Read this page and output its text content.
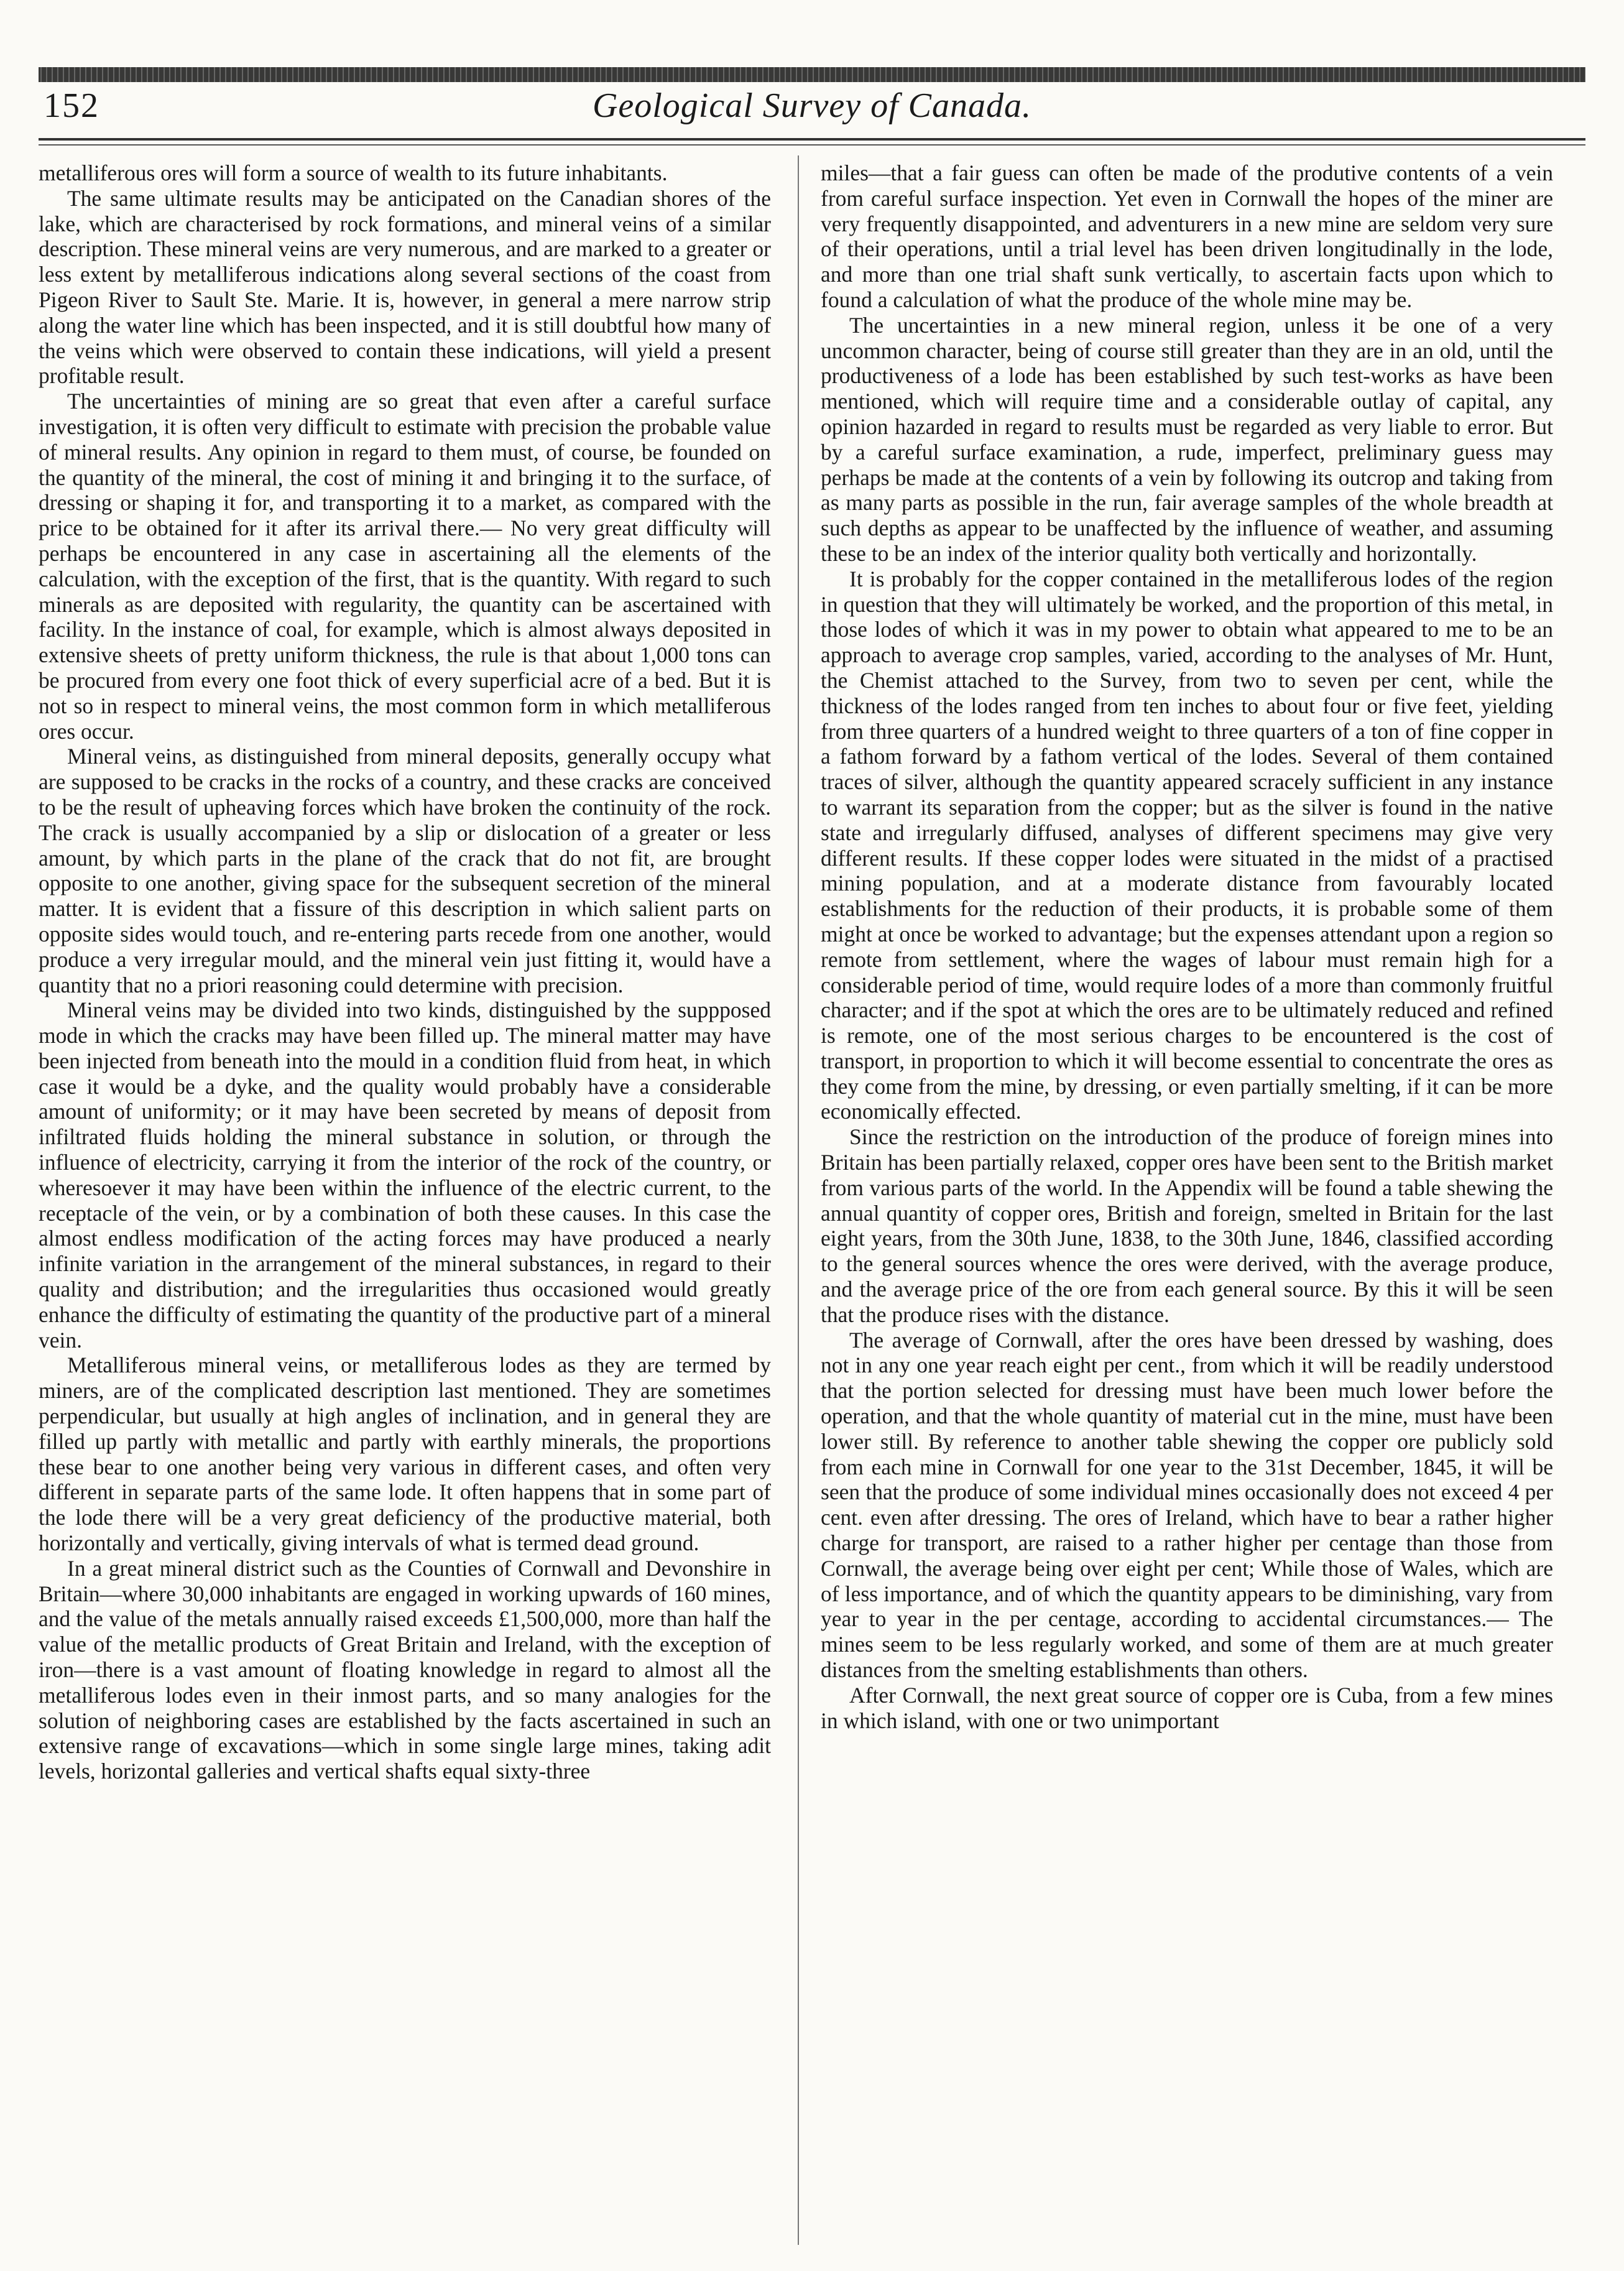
152	Geological Survey of Canada.

metalliferous ores will form a source of wealth to its future inhabitants.

The same ultimate results may be anticipated on the Canadian shores of the lake, which are characterised by rock formations, and mineral veins of a similar description. These mineral veins are very numerous, and are marked to a greater or less extent by metalliferous indications along several sections of the coast from Pigeon River to Sault Ste. Marie. It is, however, in general a mere narrow strip along the water line which has been inspected, and it is still doubtful how many of the veins which were observed to contain these indications, will yield a present profitable result.

The uncertainties of mining are so great that even after a careful surface investigation, it is often very difficult to estimate with precision the probable value of mineral results. Any opinion in regard to them must, of course, be founded on the quantity of the mineral, the cost of mining it and bringing it to the surface, of dressing or shaping it for, and transporting it to a market, as compared with the price to be obtained for it after its arrival there.— No very great difficulty will perhaps be encountered in any case in ascertaining all the elements of the calculation, with the exception of the first, that is the quantity. With regard to such minerals as are deposited with regularity, the quantity can be ascertained with facility. In the instance of coal, for example, which is almost always deposited in extensive sheets of pretty uniform thickness, the rule is that about 1,000 tons can be procured from every one foot thick of every superficial acre of a bed. But it is not so in respect to mineral veins, the most common form in which metalliferous ores occur.

Mineral veins, as distinguished from mineral deposits, generally occupy what are supposed to be cracks in the rocks of a country, and these cracks are conceived to be the result of upheaving forces which have broken the continuity of the rock. The crack is usually accompanied by a slip or dislocation of a greater or less amount, by which parts in the plane of the crack that do not fit, are brought opposite to one another, giving space for the subsequent secretion of the mineral matter. It is evident that a fissure of this description in which salient parts on opposite sides would touch, and re-entering parts recede from one another, would produce a very irregular mould, and the mineral vein just fitting it, would have a quantity that no a priori reasoning could determine with precision.

Mineral veins may be divided into two kinds, distinguished by the suppposed mode in which the cracks may have been filled up. The mineral matter may have been injected from beneath into the mould in a condition fluid from heat, in which case it would be a dyke, and the quality would probably have a considerable amount of uniformity; or it may have been secreted by means of deposit from infiltrated fluids holding the mineral substance in solution, or through the influence of electricity, carrying it from the interior of the rock of the country, or wheresoever it may have been within the influence of the electric current, to the receptacle of the vein, or by a combination of both these causes. In this case the almost endless modification of the acting forces may have produced a nearly infinite variation in the arrangement of the mineral substances, in regard to their quality and distribution; and the irregularities thus occasioned would greatly enhance the difficulty of estimating the quantity of the productive part of a mineral vein.

Metalliferous mineral veins, or metalliferous lodes as they are termed by miners, are of the complicated description last mentioned. They are sometimes perpendicular, but usually at high angles of inclination, and in general they are filled up partly with metallic and partly with earthly minerals, the proportions these bear to one another being very various in different cases, and often very different in separate parts of the same lode. It often happens that in some part of the lode there will be a very great deficiency of the productive material, both horizontally and vertically, giving intervals of what is termed dead ground.

In a great mineral district such as the Counties of Cornwall and Devonshire in Britain—where 30,000 inhabitants are engaged in working upwards of 160 mines, and the value of the metals annually raised exceeds £1,500,000, more than half the value of the metallic products of Great Britain and Ireland, with the exception of iron—there is a vast amount of floating knowledge in regard to almost all the metalliferous lodes even in their inmost parts, and so many analogies for the solution of neighboring cases are established by the facts ascertained in such an extensive range of excavations—which in some single large mines, taking adit levels, horizontal galleries and vertical shafts equal sixty-three

miles—that a fair guess can often be made of the produtive contents of a vein from careful surface inspection. Yet even in Cornwall the hopes of the miner are very frequently disappointed, and adventurers in a new mine are seldom very sure of their operations, until a trial level has been driven longitudinally in the lode, and more than one trial shaft sunk vertically, to ascertain facts upon which to found a calculation of what the produce of the whole mine may be.

The uncertainties in a new mineral region, unless it be one of a very uncommon character, being of course still greater than they are in an old, until the productiveness of a lode has been established by such test-works as have been mentioned, which will require time and a considerable outlay of capital, any opinion hazarded in regard to results must be regarded as very liable to error. But by a careful surface examination, a rude, imperfect, preliminary guess may perhaps be made at the contents of a vein by following its outcrop and taking from as many parts as possible in the run, fair average samples of the whole breadth at such depths as appear to be unaffected by the influence of weather, and assuming these to be an index of the interior quality both vertically and horizontally.

It is probably for the copper contained in the metalliferous lodes of the region in question that they will ultimately be worked, and the proportion of this metal, in those lodes of which it was in my power to obtain what appeared to me to be an approach to average crop samples, varied, according to the analyses of Mr. Hunt, the Chemist attached to the Survey, from two to seven per cent, while the thickness of the lodes ranged from ten inches to about four or five feet, yielding from three quarters of a hundred weight to three quarters of a ton of fine copper in a fathom forward by a fathom vertical of the lodes. Several of them contained traces of silver, although the quantity appeared scracely sufficient in any instance to warrant its separation from the copper; but as the silver is found in the native state and irregularly diffused, analyses of different specimens may give very different results. If these copper lodes were situated in the midst of a practised mining population, and at a moderate distance from favourably located establishments for the reduction of their products, it is probable some of them might at once be worked to advantage; but the expenses attendant upon a region so remote from settlement, where the wages of labour must remain high for a considerable period of time, would require lodes of a more than commonly fruitful character; and if the spot at which the ores are to be ultimately reduced and refined is remote, one of the most serious charges to be encountered is the cost of transport, in proportion to which it will become essential to concentrate the ores as they come from the mine, by dressing, or even partially smelting, if it can be more economically effected.

Since the restriction on the introduction of the produce of foreign mines into Britain has been partially relaxed, copper ores have been sent to the British market from various parts of the world. In the Appendix will be found a table shewing the annual quantity of copper ores, British and foreign, smelted in Britain for the last eight years, from the 30th June, 1838, to the 30th June, 1846, classified according to the general sources whence the ores were derived, with the average produce, and the average price of the ore from each general source. By this it will be seen that the produce rises with the distance.

The average of Cornwall, after the ores have been dressed by washing, does not in any one year reach eight per cent., from which it will be readily understood that the portion selected for dressing must have been much lower before the operation, and that the whole quantity of material cut in the mine, must have been lower still. By reference to another table shewing the copper ore publicly sold from each mine in Cornwall for one year to the 31st December, 1845, it will be seen that the produce of some individual mines occasionally does not exceed 4 per cent. even after dressing. The ores of Ireland, which have to bear a rather higher charge for transport, are raised to a rather higher per centage than those from Cornwall, the average being over eight per cent; While those of Wales, which are of less importance, and of which the quantity appears to be diminishing, vary from year to year in the per centage, according to accidental circumstances.— The mines seem to be less regularly worked, and some of them are at much greater distances from the smelting establishments than others.

After Cornwall, the next great source of copper ore is Cuba, from a few mines in which island, with one or two unimportant
